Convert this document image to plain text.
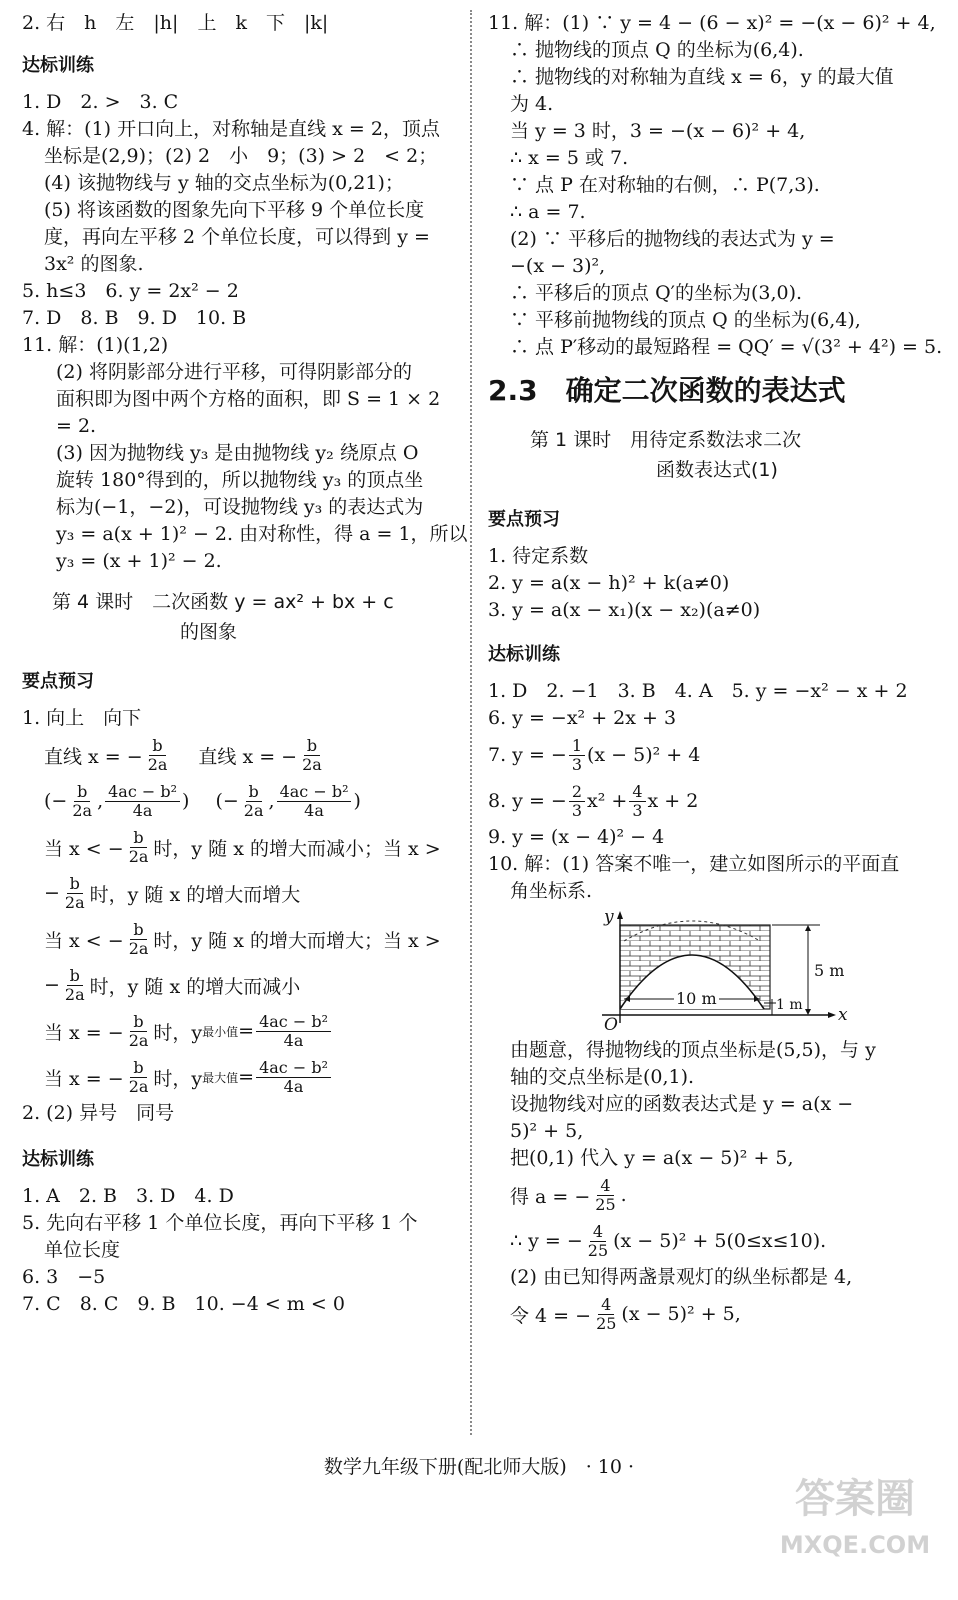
2. 右　h　左　|h|　上　k　下　|k|
达标训练
1. D　2. >　3. C
4. 解：(1) 开口向上，对称轴是直线 x = 2，顶点
坐标是(2,9)；(2) 2　小　9；(3) > 2　< 2；
(4) 该抛物线与 y 轴的交点坐标为(0,21)；
(5) 将该函数的图象先向下平移 9 个单位长度
度，再向左平移 2 个单位长度，可以得到 y =
3x² 的图象.
5. h≤3　6. y = 2x² − 2
7. D　8. B　9. D　10. B
11. 解：(1)(1,2)
(2) 将阴影部分进行平移，可得阴影部分的
面积即为图中两个方格的面积，即 S = 1 × 2
= 2.
(3) 因为抛物线 y₃ 是由抛物线 y₂ 绕原点 O
旋转 180°得到的，所以抛物线 y₃ 的顶点坐
标为(−1，−2)，可设抛物线 y₃ 的表达式为
y₃ = a(x + 1)² − 2. 由对称性，得 a = 1，所以
y₃ = (x + 1)² − 2.
第 4 课时　二次函数 y = ax² + bx + c
的图象
要点预习
1. 向上　向下
直线 x = − $\frac{b}{2a}$ 直线 x = − $\frac{b}{2a}$
(− $\frac{b}{2a}$ , $\frac{\text{4ac − b²}}{4a}$ ) (− $\frac{b}{2a}$ , $\frac{\text{4ac − b²}}{4a}$ )
当 x < − $\frac{b}{2a}$ 时，y 随 x 的增大而减小；当 x >
− $\frac{b}{2a}$ 时，y 随 x 的增大而增大
当 x < − $\frac{b}{2a}$ 时，y 随 x 的增大而增大；当 x >
− $\frac{b}{2a}$ 时，y 随 x 的增大而减小
当 x = − $\frac{b}{2a}$ 时，y 最小值 = $\frac{\text{4ac − b²}}{4a}$
当 x = − $\frac{b}{2a}$ 时，y 最大值 = $\frac{\text{4ac − b²}}{4a}$
2. (2) 异号　同号
达标训练
1. A　2. B　3. D　4. D
5. 先向右平移 1 个单位长度，再向下平移 1 个
单位长度
6. 3　−5
7. C　8. C　9. B　10. −4 < m < 0
11. 解：(1) ∵ y = 4 − (6 − x)² = −(x − 6)² + 4,
∴ 抛物线的顶点 Q 的坐标为(6,4).
∴ 抛物线的对称轴为直线 x = 6，y 的最大值
为 4.
当 y = 3 时，3 = −(x − 6)² + 4,
∴ x = 5 或 7.
∵ 点 P 在对称轴的右侧，∴ P(7,3).
∴ a = 7.
(2) ∵ 平移后的抛物线的表达式为 y =
−(x − 3)²,
∴ 平移后的顶点 Q′的坐标为(3,0).
∵ 平移前抛物线的顶点 Q 的坐标为(6,4),
∴ 点 P′移动的最短路程 = QQ′ = √(3² + 4²) = 5.
2.3　确定二次函数的表达式
第 1 课时　用待定系数法求二次
函数表达式(1)
要点预习
1. 待定系数
2. y = a(x − h)² + k(a≠0)
3. y = a(x − x₁)(x − x₂)(a≠0)
达标训练
1. D　2. −1　3. B　4. A　5. y = −x² − x + 2
6. y = −x² + 2x + 3
7. y = − $\frac{1}{3} (x - 5)^2 + 4$
8. y = − $\frac{2}{3} x^2 + \frac{4}{3}$ x + 2
9. y = (x − 4)² − 4
10. 解：(1) 答案不唯一，建立如图所示的平面直
角坐标系.
y
x
O
5 m
10 m	1 m
由题意，得抛物线的顶点坐标是(5,5)，与 y
轴的交点坐标是(0,1).
设抛物线对应的函数表达式是 y = a(x −
5)² + 5,
把(0,1) 代入 y = a(x − 5)² + 5,
得 a = − $\frac{4}{25}$ .
∴ y = − $\frac{4}{25} (x - 5)^2 + 5(0\le x\le 10)$.
(2) 由已知得两盏景观灯的纵坐标都是 4,
令 4 = − $\frac{4}{25} (x - 5)^2 + 5$,
数学九年级下册(配北师大版)　· 10 ·
答案圈
MXQE.COM
